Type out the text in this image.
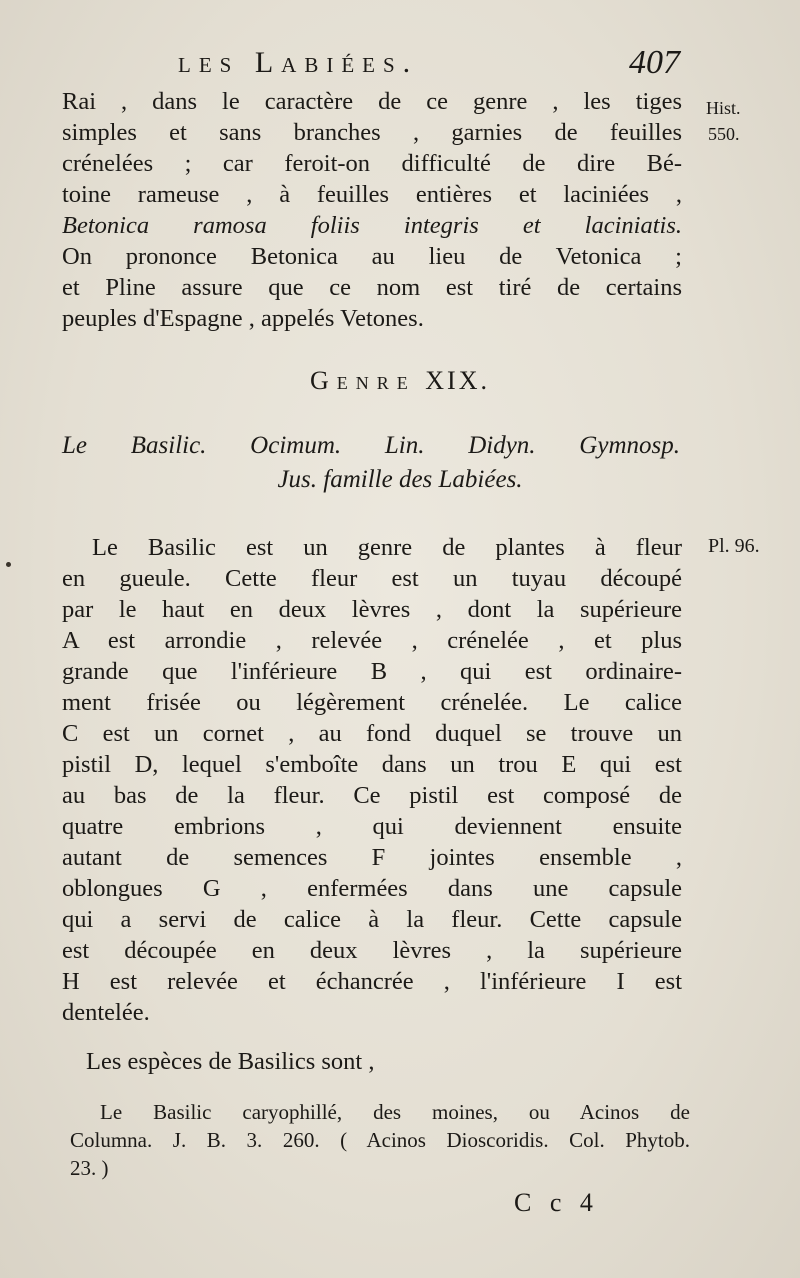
les Labiées.	407
Hist.
550.
Rai , dans le caractère de ce genre , les tiges
simples et sans branches , garnies de feuilles
crénelées ; car feroit-on difficulté de dire Bé-
toine rameuse , à feuilles entières et laciniées ,
Betonica ramosa foliis integris et laciniatis.
On prononce Betonica au lieu de Vetonica ;
et Pline assure que ce nom est tiré de certains
peuples d'Espagne , appelés Vetones.
Genre XIX.
Le Basilic. Ocimum. Lin. Didyn. Gymnosp.
Jus. famille des Labiées.
Pl. 96.
Le Basilic est un genre de plantes à fleur
en gueule. Cette fleur est un tuyau découpé
par le haut en deux lèvres , dont la supérieure
A est arrondie , relevée , crénelée , et plus
grande que l'inférieure B , qui est ordinaire-
ment frisée ou légèrement crénelée. Le calice
C est un cornet , au fond duquel se trouve un
pistil D, lequel s'emboîte dans un trou E qui est
au bas de la fleur. Ce pistil est composé de
quatre embrions , qui deviennent ensuite
autant de semences F jointes ensemble ,
oblongues G , enfermées dans une capsule
qui a servi de calice à la fleur. Cette capsule
est découpée en deux lèvres , la supérieure
H est relevée et échancrée , l'inférieure I est
dentelée.
Les espèces de Basilics sont ,
Le Basilic caryophillé, des moines, ou Acinos de
Columna. J. B. 3. 260. ( Acinos Dioscoridis. Col. Phytob.
23. )
C c 4
